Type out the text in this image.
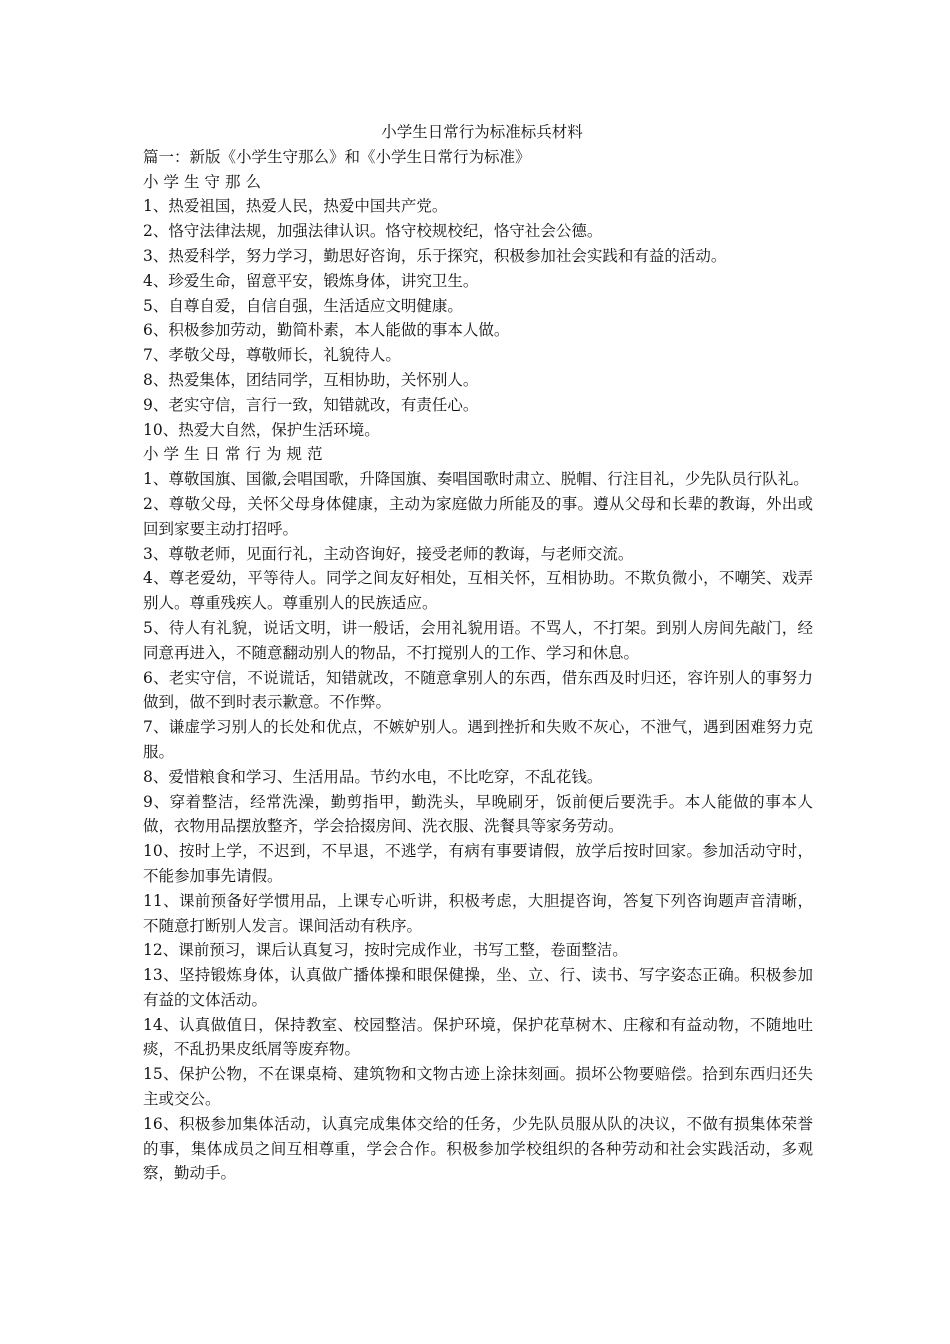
小学生日常行为标准标兵材料

篇一：新版《小学生守那么》和《小学生日常行为标准》

小学生守那么

1、热爱祖国，热爱人民，热爱中国共产党。

2、恪守法律法规，加强法律认识。恪守校规校纪，恪守社会公德。

3、热爱科学，努力学习，勤思好咨询，乐于探究，积极参加社会实践和有益的活动。

4、珍爱生命，留意平安，锻炼身体，讲究卫生。

5、自尊自爱，自信自强，生活适应文明健康。

6、积极参加劳动，勤简朴素，本人能做的事本人做。

7、孝敬父母，尊敬师长，礼貌待人。

8、热爱集体，团结同学，互相协助，关怀别人。

9、老实守信，言行一致，知错就改，有责任心。

10、热爱大自然，保护生活环境。

小学生日常行为规范

1、尊敬国旗、国徽,会唱国歌，升降国旗、奏唱国歌时肃立、脱帽、行注目礼，少先队员行队礼。

2、尊敬父母，关怀父母身体健康，主动为家庭做力所能及的事。遵从父母和长辈的教诲，外出或回到家要主动打招呼。

3、尊敬老师，见面行礼，主动咨询好，接受老师的教诲，与老师交流。

4、尊老爱幼，平等待人。同学之间友好相处，互相关怀，互相协助。不欺负微小，不嘲笑、戏弄别人。尊重残疾人。尊重别人的民族适应。

5、待人有礼貌，说话文明，讲一般话，会用礼貌用语。不骂人，不打架。到别人房间先敲门，经同意再进入，不随意翻动别人的物品，不打搅别人的工作、学习和休息。

6、老实守信，不说谎话，知错就改，不随意拿别人的东西，借东西及时归还，容许别人的事努力做到，做不到时表示歉意。不作弊。

7、谦虚学习别人的长处和优点，不嫉妒别人。遇到挫折和失败不灰心，不泄气，遇到困难努力克服。

8、爱惜粮食和学习、生活用品。节约水电，不比吃穿，不乱花钱。

9、穿着整洁，经常洗澡，勤剪指甲，勤洗头，早晚刷牙，饭前便后要洗手。本人能做的事本人做，衣物用品摆放整齐，学会拾掇房间、洗衣服、洗餐具等家务劳动。

10、按时上学，不迟到，不早退，不逃学，有病有事要请假，放学后按时回家。参加活动守时，不能参加事先请假。

11、课前预备好学惯用品，上课专心听讲，积极考虑，大胆提咨询，答复下列咨询题声音清晰，不随意打断别人发言。课间活动有秩序。

12、课前预习，课后认真复习，按时完成作业，书写工整，卷面整洁。

13、坚持锻炼身体，认真做广播体操和眼保健操，坐、立、行、读书、写字姿态正确。积极参加有益的文体活动。

14、认真做值日，保持教室、校园整洁。保护环境，保护花草树木、庄稼和有益动物，不随地吐痰，不乱扔果皮纸屑等废弃物。

15、保护公物，不在课桌椅、建筑物和文物古迹上涂抹刻画。损坏公物要赔偿。拾到东西归还失主或交公。

16、积极参加集体活动，认真完成集体交给的任务，少先队员服从队的决议，不做有损集体荣誉的事，集体成员之间互相尊重，学会合作。积极参加学校组织的各种劳动和社会实践活动，多观察，勤动手。
